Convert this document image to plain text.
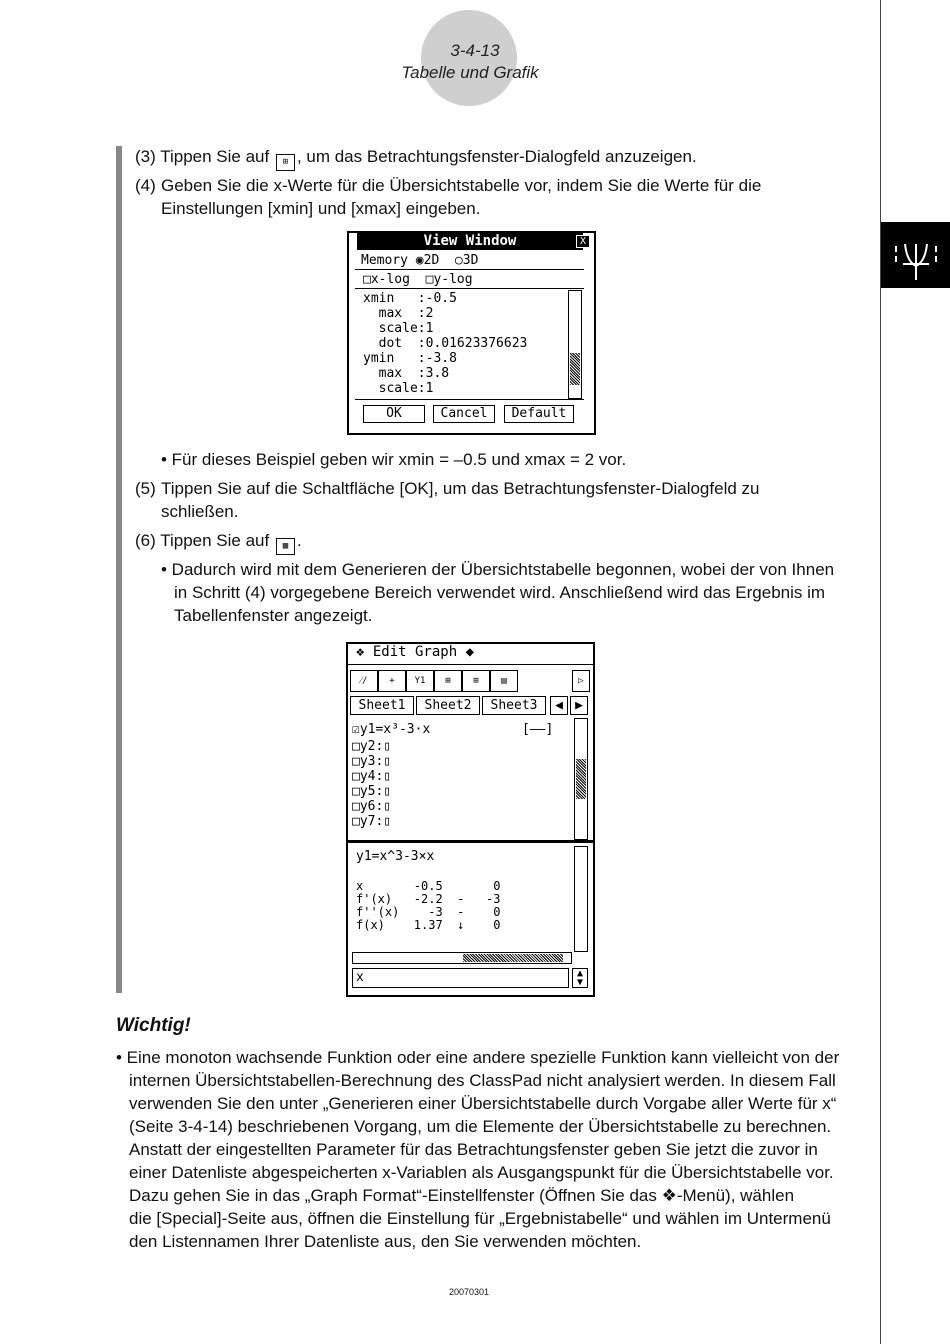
3-4-13
Tabelle und Grafik
(3) Tippen Sie auf ⊞ , um das Betrachtungsfenster-Dialogfeld anzuzeigen.
(4) Geben Sie die x-Werte für die Übersichtstabelle vor, indem Sie die Werte für die
Einstellungen [xmin] und [xmax] eingeben.
View Window	X
Memory ◉2D  ○3D
□x-log  □y-log
xmin   :-0.5
max  :2
scale:1
dot  :0.01623376623
ymin   :-3.8
max  :3.8
scale:1
OK	Cancel	Default
• Für dieses Beispiel geben wir xmin = –0.5 und xmax = 2 vor.
(5) Tippen Sie auf die Schaltfläche [OK], um das Betrachtungsfenster-Dialogfeld zu
schließen.
(6) Tippen Sie auf ▦ .
• Dadurch wird mit dem Generieren der Übersichtstabelle begonnen, wobei der von Ihnen
in Schritt (4) vorgegebene Bereich verwendet wird. Anschließend wird das Ergebnis im
Tabellenfenster angezeigt.
❖ Edit Graph ◆
⁄∕	+	Y1	⊞	⊞	▤	▷
Sheet1	Sheet2	Sheet3	◀ ▶
☑y1=x³-3·x	[——]
□y2:▯
□y3:▯
□y4:▯
□y5:▯
□y6:▯
□y7:▯
y1=x^3-3×x
x       -0.5       0
f'(x)   -2.2  -   -3
f''(x)    -3  -    0
f(x)    1.37  ↓    0
x	▲
▼
Wichtig!
• Eine monoton wachsende Funktion oder eine andere spezielle Funktion kann vielleicht von der
internen Übersichtstabellen-Berechnung des ClassPad nicht analysiert werden. In diesem Fall
verwenden Sie den unter „Generieren einer Übersichtstabelle durch Vorgabe aller Werte für x“
(Seite 3-4-14) beschriebenen Vorgang, um die Elemente der Übersichtstabelle zu berechnen.
Anstatt der eingestellten Parameter für das Betrachtungsfenster geben Sie jetzt die zuvor in
einer Datenliste abgespeicherten x-Variablen als Ausgangspunkt für die Übersichtstabelle vor.
Dazu gehen Sie in das „Graph Format“-Einstellfenster (Öffnen Sie das ❖-Menü), wählen
die [Special]-Seite aus, öffnen die Einstellung für „Ergebnistabelle“ und wählen im Untermenü
den Listennamen Ihrer Datenliste aus, den Sie verwenden möchten.
20070301
